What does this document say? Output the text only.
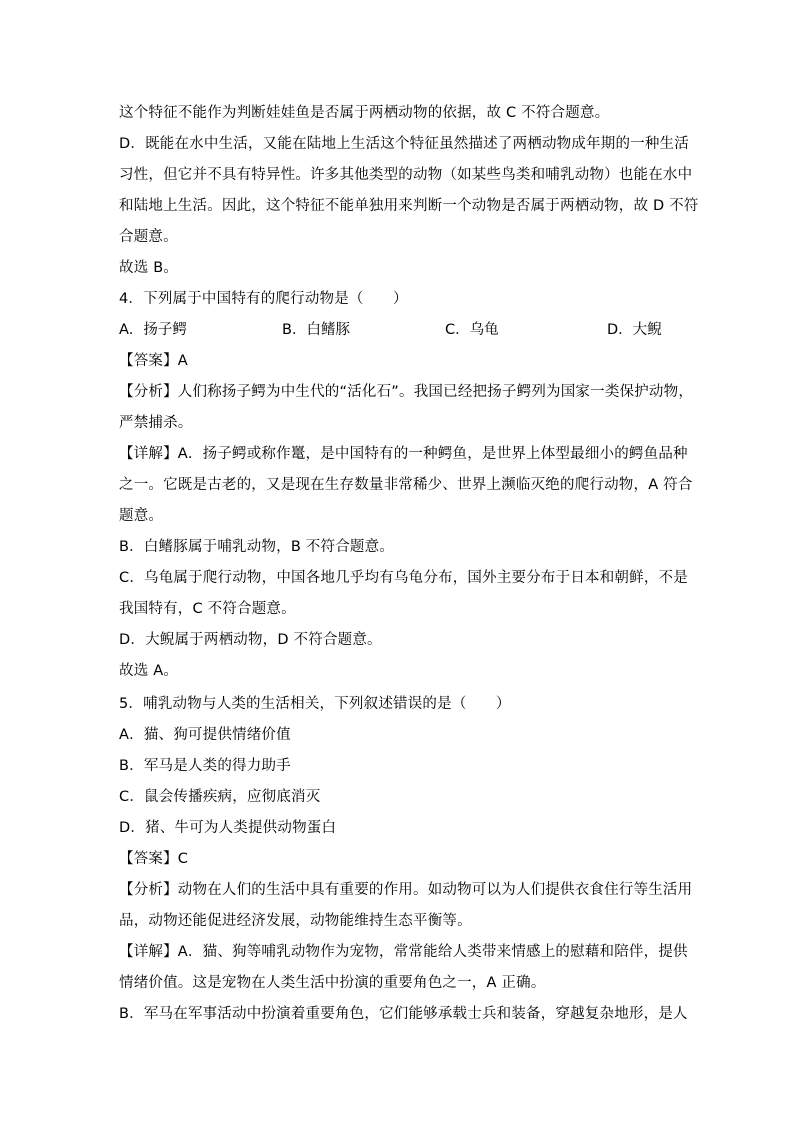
这个特征不能作为判断娃娃鱼是否属于两栖动物的依据，故 C 不符合题意。
D．既能在水中生活，又能在陆地上生活这个特征虽然描述了两栖动物成年期的一种生活
习性，但它并不具有特异性。许多其他类型的动物（如某些鸟类和哺乳动物）也能在水中
和陆地上生活。因此，这个特征不能单独用来判断一个动物是否属于两栖动物，故 D 不符
合题意。
故选 B。
4．下列属于中国特有的爬行动物是（　　）
A．扬子鳄	B．白鳍豚	C．乌龟	D．大鲵
【答案】A
【分析】人们称扬子鳄为中生代的“活化石”。我国已经把扬子鳄列为国家一类保护动物，
严禁捕杀。
【详解】A．扬子鳄或称作鼍，是中国特有的一种鳄鱼，是世界上体型最细小的鳄鱼品种
之一。它既是古老的，又是现在生存数量非常稀少、世界上濒临灭绝的爬行动物，A 符合
题意。
B．白鳍豚属于哺乳动物，B 不符合题意。
C．乌龟属于爬行动物，中国各地几乎均有乌龟分布，国外主要分布于日本和朝鲜，不是
我国特有，C 不符合题意。
D．大鲵属于两栖动物，D 不符合题意。
故选 A。
5．哺乳动物与人类的生活相关，下列叙述错误的是（　　）
A．猫、狗可提供情绪价值
B．军马是人类的得力助手
C．鼠会传播疾病，应彻底消灭
D．猪、牛可为人类提供动物蛋白
【答案】C
【分析】动物在人们的生活中具有重要的作用。如动物可以为人们提供衣食住行等生活用
品，动物还能促进经济发展，动物能维持生态平衡等。
【详解】A．猫、狗等哺乳动物作为宠物，常常能给人类带来情感上的慰藉和陪伴，提供
情绪价值。这是宠物在人类生活中扮演的重要角色之一，A 正确。
B．军马在军事活动中扮演着重要角色，它们能够承载士兵和装备，穿越复杂地形，是人
